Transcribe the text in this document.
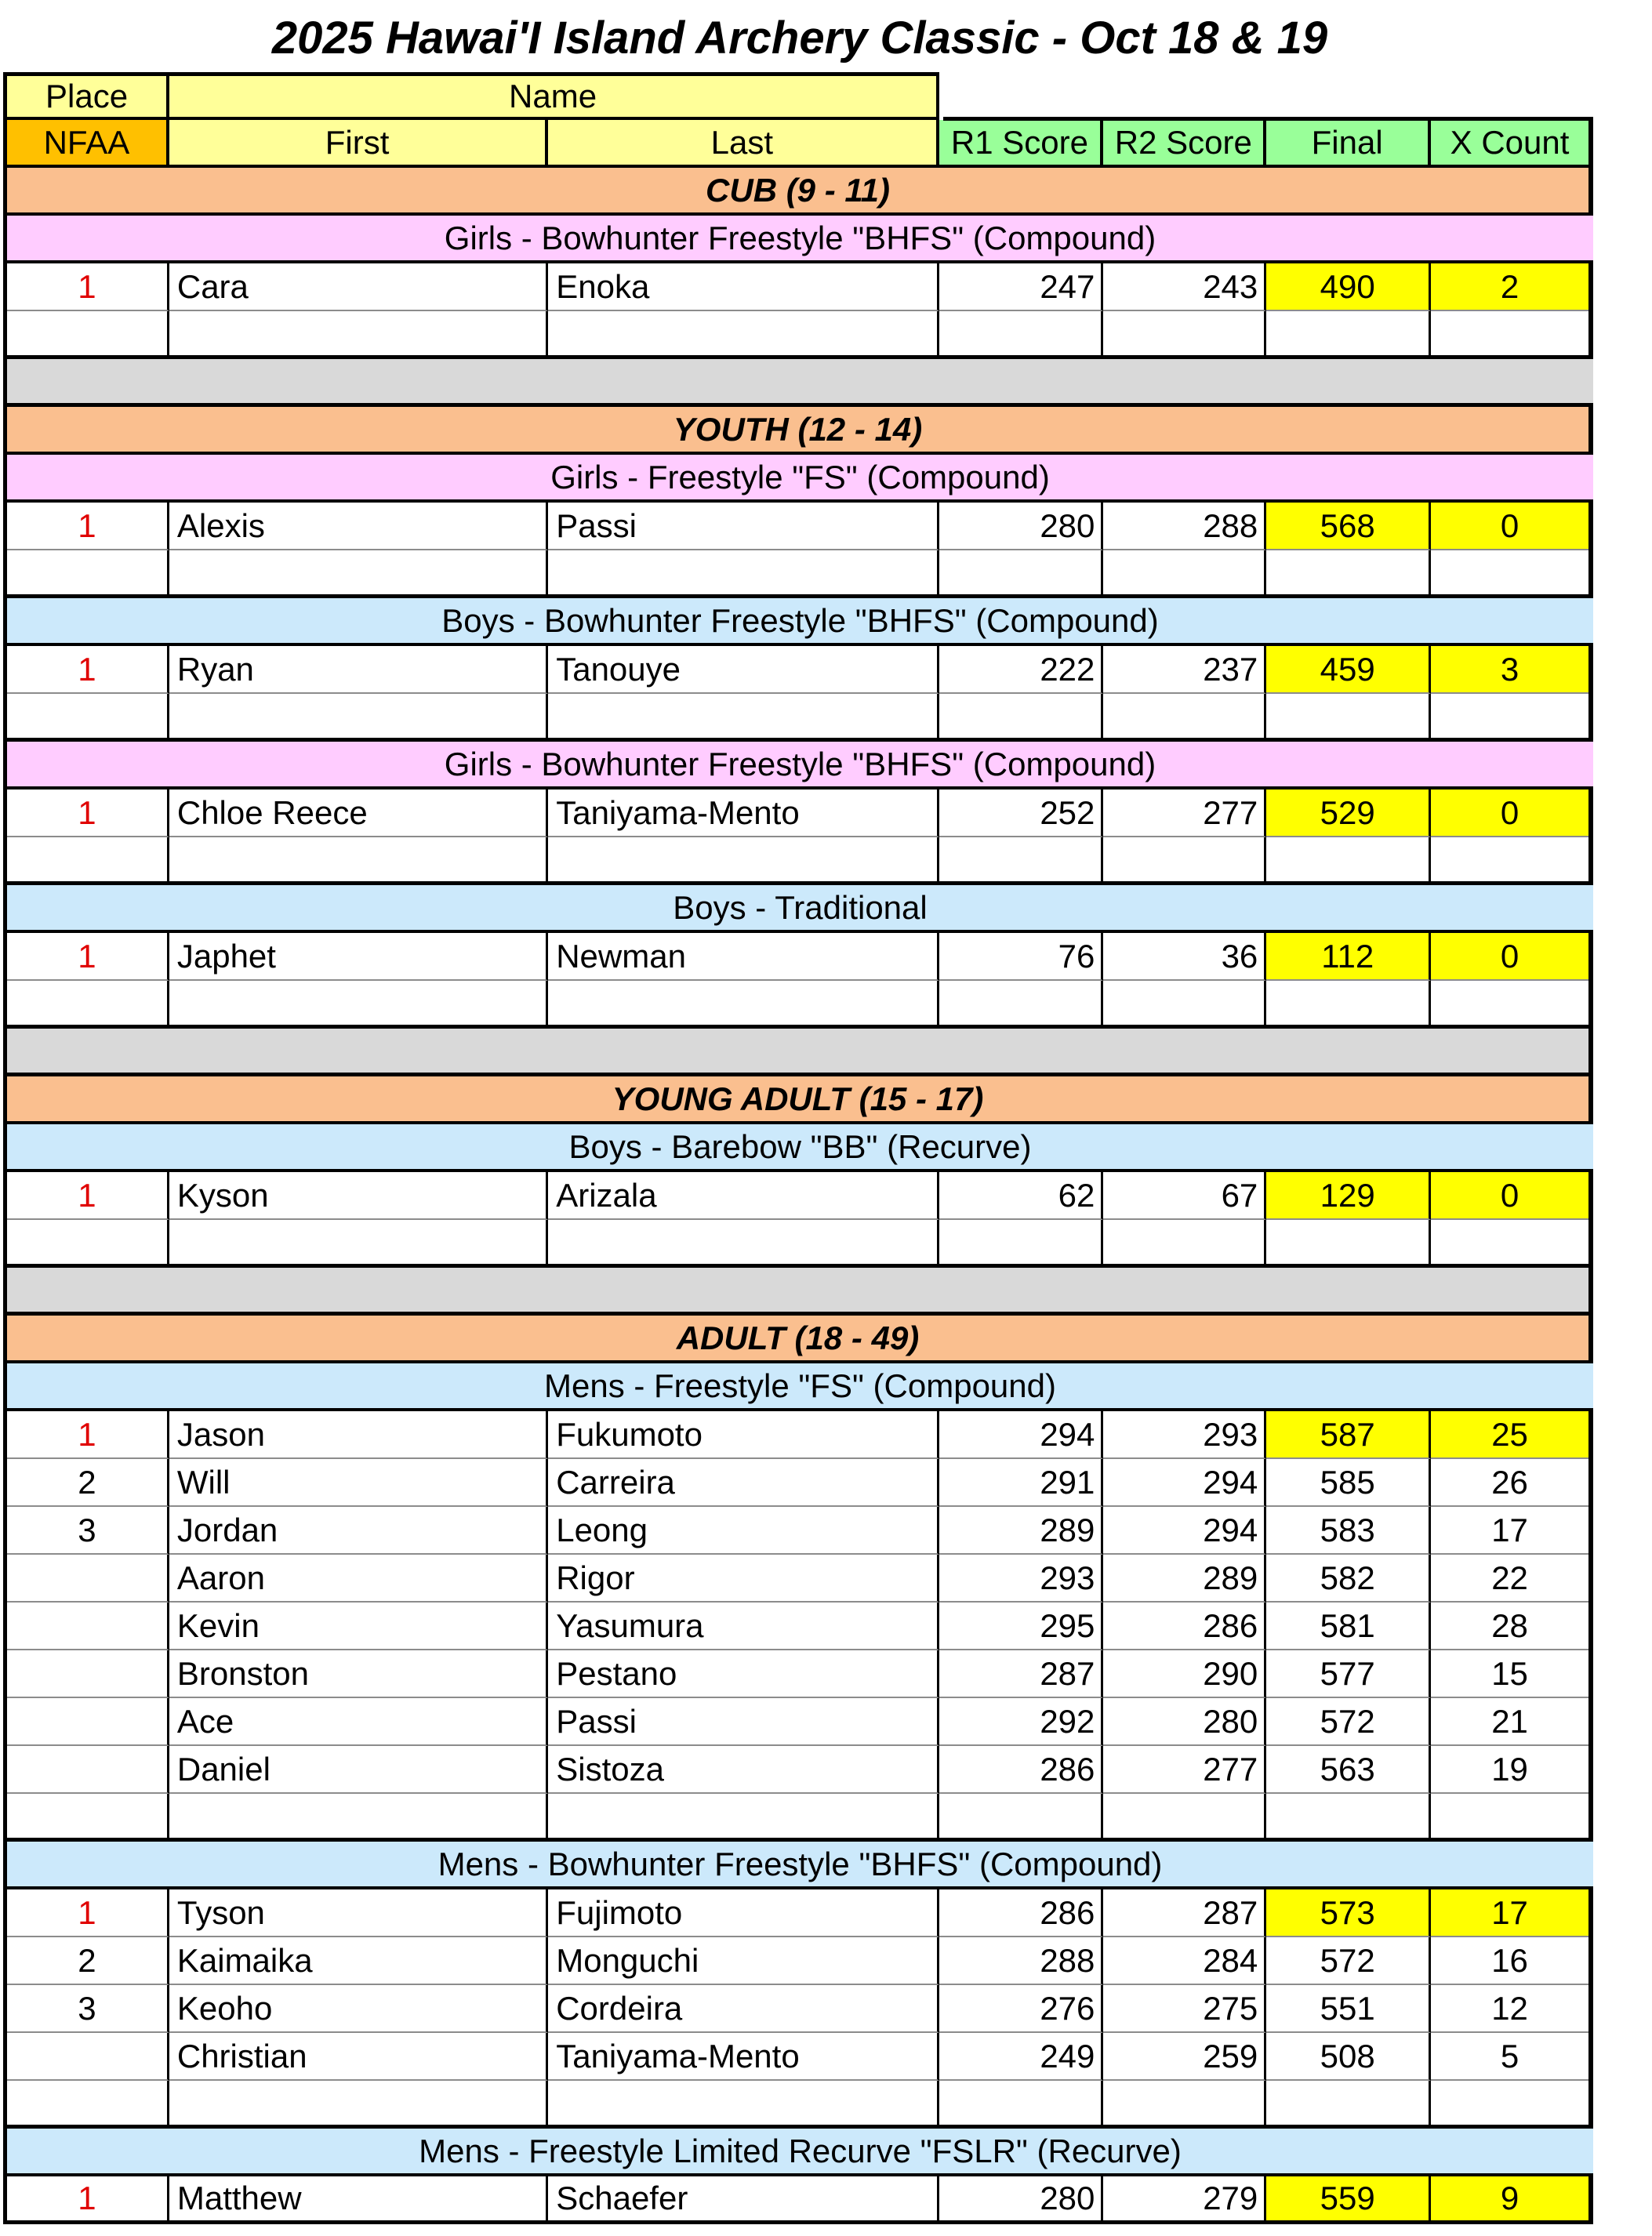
2025 Hawai'I Island Archery Classic - Oct 18 & 19
Place	Name
NFAA	First	Last	R1 Score R2 Score	Final	X Count
CUB (9 - 11)
Girls - Bowhunter Freestyle "BHFS" (Compound)
1	Cara	Enoka	247	243	490	2
YOUTH (12 - 14)
Girls - Freestyle "FS" (Compound)
1	Alexis	Passi	280	288	568	0
Boys - Bowhunter Freestyle "BHFS" (Compound)
1	Ryan	Tanouye	222	237	459	3
Girls - Bowhunter Freestyle "BHFS" (Compound)
1	Chloe Reece	Taniyama-Mento	252	277	529	0
Boys - Traditional
1	Japhet	Newman	76	36	112	0
YOUNG ADULT (15 - 17)
Boys - Barebow "BB" (Recurve)
1	Kyson	Arizala	62	67	129	0
ADULT (18 - 49)
Mens - Freestyle "FS" (Compound)
1	Jason	Fukumoto	294	293	587	25
2	Will	Carreira	291	294	585	26
3	Jordan	Leong	289	294	583	17
Aaron	Rigor	293	289	582	22
Kevin	Yasumura	295	286	581	28
Bronston	Pestano	287	290	577	15
Ace	Passi	292	280	572	21
Daniel	Sistoza	286	277	563	19
Mens - Bowhunter Freestyle "BHFS" (Compound)
1	Tyson	Fujimoto	286	287	573	17
2	Kaimaika	Monguchi	288	284	572	16
3	Keoho	Cordeira	276	275	551	12
Christian	Taniyama-Mento	249	259	508	5
Mens - Freestyle Limited Recurve "FSLR" (Recurve)
1	Matthew	Schaefer	280	279	559	9
